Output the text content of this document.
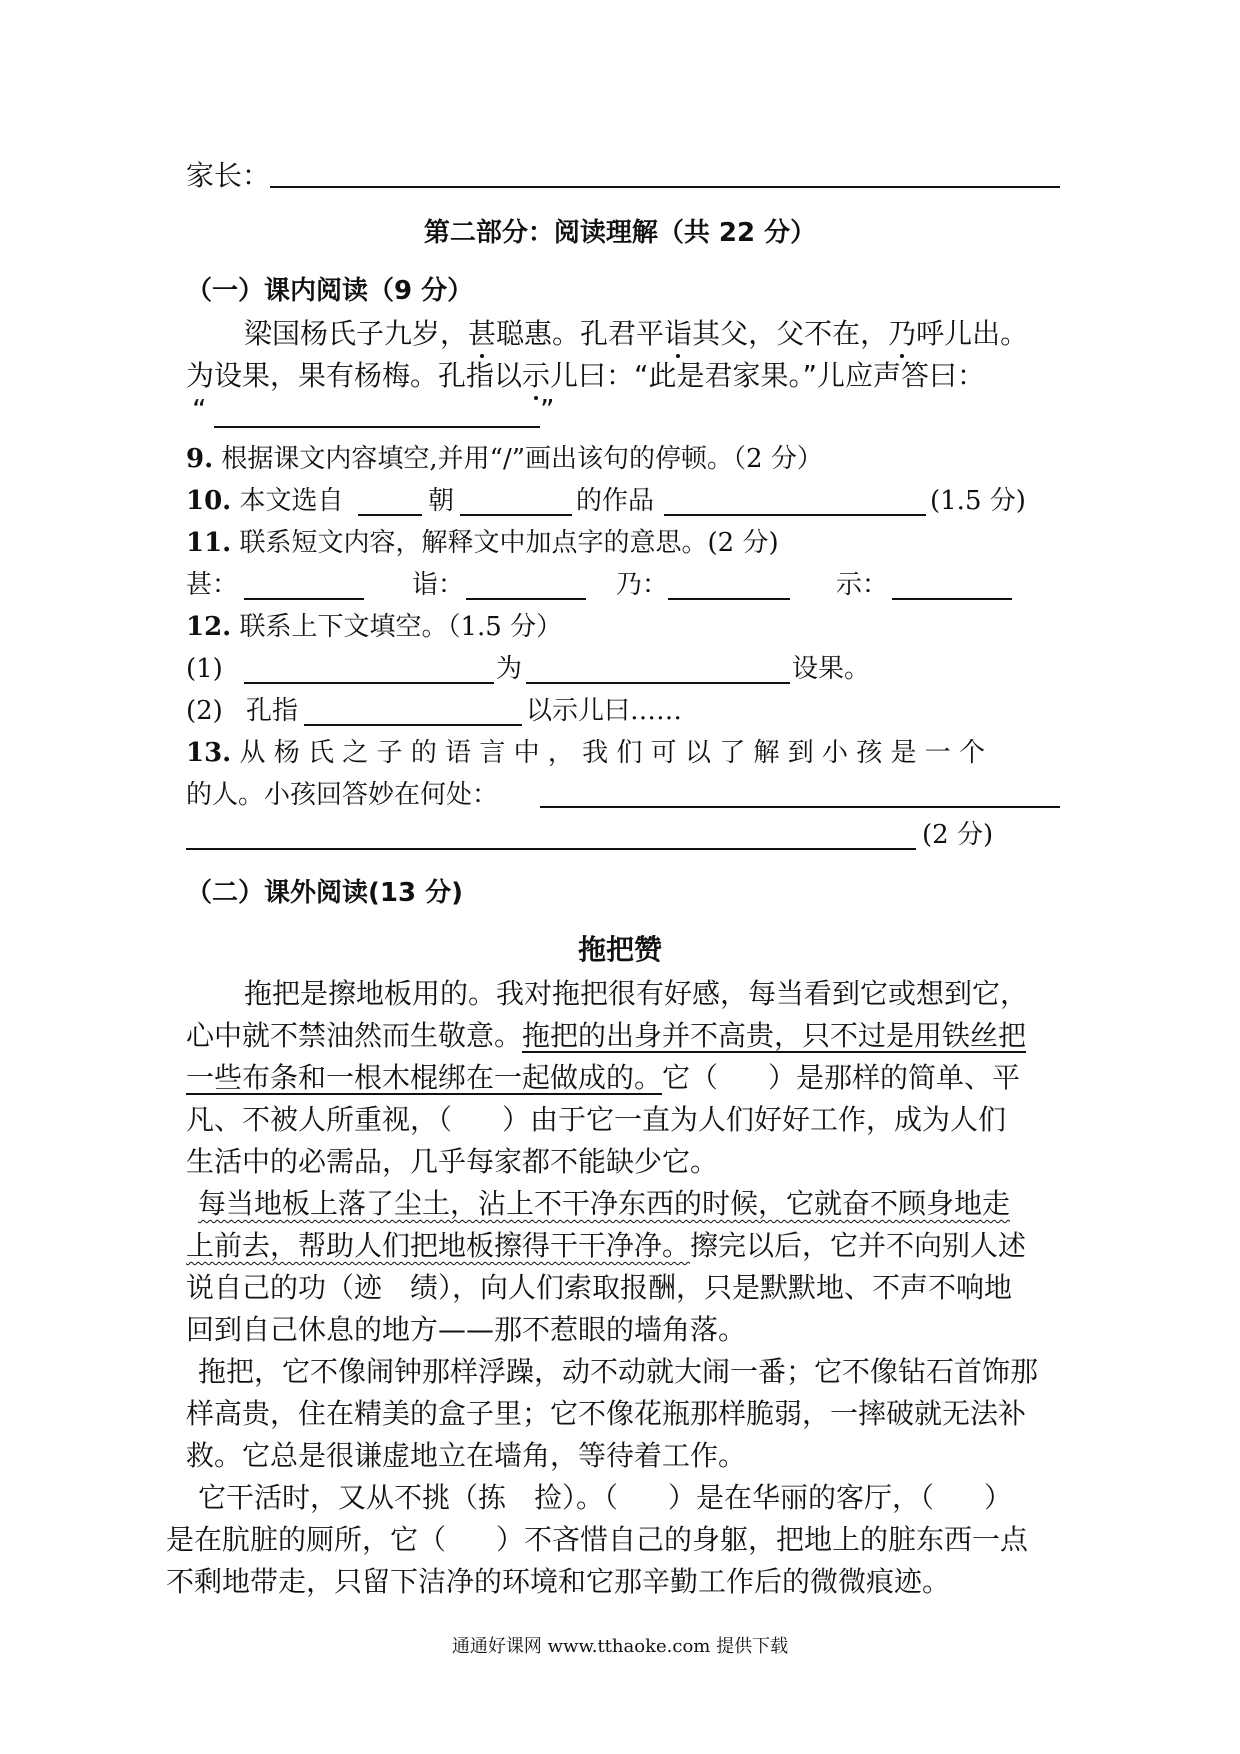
家长：
第二部分：阅读理解（共 22 分）
（一）课内阅读（9 分）
梁国杨氏子九岁，甚聪惠。孔君平诣其父，父不在，乃呼儿出。
为设果，果有杨梅。孔指以示儿曰：“此是君家果。”儿应声答曰：
“	”
9. 根据课文内容填空,并用“/”画出该句的停顿。（2 分）
10. 本文选自	朝	的作品	(1.5 分)
11. 联系短文内容，解释文中加点字的意思。(2 分)
甚：	诣：	乃：	示：
12. 联系上下文填空。（1.5 分）
(1)	为	设果。
(2) 孔指	以示儿曰……
13. 从 杨 氏 之 子 的 语 言 中 ， 我 们 可 以 了 解 到 小 孩 是 一 个
的人。小孩回答妙在何处：
(2 分)
（二）课外阅读(13 分)
拖把赞
拖把是擦地板用的。我对拖把很有好感，每当看到它或想到它，
心中就不禁油然而生敬意。拖把的出身并不高贵，只不过是用铁丝把
一些布条和一根木棍绑在一起做成的。它（ ）是那样的简单、平
凡、不被人所重视，（ ）由于它一直为人们好好工作，成为人们
生活中的必需品，几乎每家都不能缺少它。
每当地板上落了尘土，沾上不干净东西的时候，它就奋不顾身地走
上前去，帮助人们把地板擦得干干净净。擦完以后，它并不向别人述
说自己的功（迹　绩），向人们索取报酬，只是默默地、不声不响地
回到自己休息的地方——那不惹眼的墙角落。
拖把，它不像闹钟那样浮躁，动不动就大闹一番；它不像钻石首饰那
样高贵，住在精美的盒子里；它不像花瓶那样脆弱，一摔破就无法补
救。它总是很谦虚地立在墙角，等待着工作。
它干活时，又从不挑（拣　捡）。（ ）是在华丽的客厅，（ ）
是在肮脏的厕所，它（ ）不吝惜自己的身躯，把地上的脏东西一点
不剩地带走，只留下洁净的环境和它那辛勤工作后的微微痕迹。
通通好课网 www.tthaoke.com 提供下载
